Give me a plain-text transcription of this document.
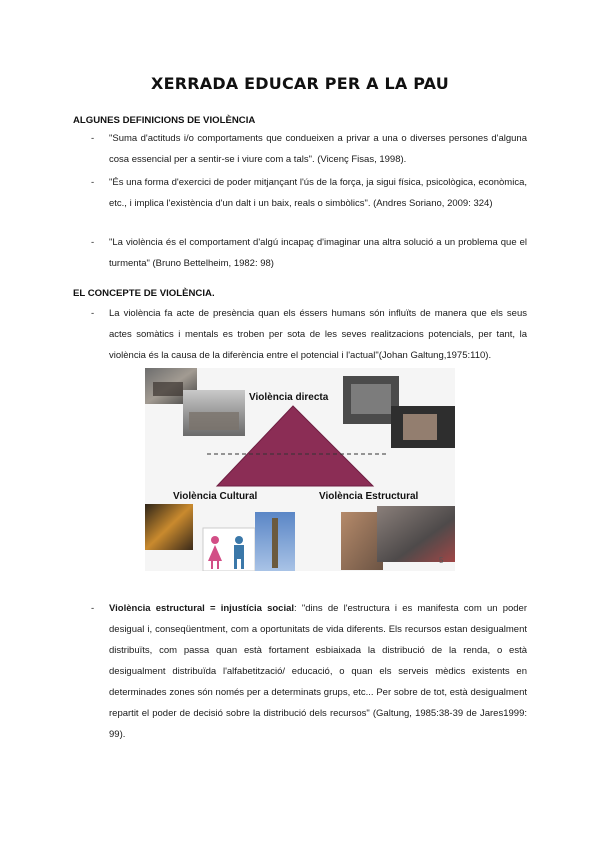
XERRADA EDUCAR PER A LA PAU
ALGUNES DEFINICIONS DE VIOLÈNCIA
- "Suma d'actituds i/o comportaments que condueixen a privar a una o diverses persones d'alguna cosa essencial per a sentir-se i viure com a tals". (Vicenç Fisas, 1998).
- "És una forma d'exercici de poder mitjançant l'ús de la força, ja sigui física, psicològica, econòmica, etc., i implica l'existència d'un dalt i un baix, reals o simbòlics". (Andres Soriano, 2009: 324)
- "La violència és el comportament d'algú incapaç d'imaginar una altra solució a un problema que el turmenta" (Bruno Bettelheim, 1982: 98)
EL CONCEPTE DE VIOLÈNCIA.
- La violència fa acte de presència quan els éssers humans són influïts de manera que els seus actes somàtics i mentals es troben per sota de les seves realitzacions potencials, per tant, la violència és la causa de la diferència entre el potencial i l'actual"(Johan Galtung,1975:110).
Violència directa
Violència Cultural	Violència Estructural
5
- Violència estructural = injustícia social: "dins de l'estructura i es manifesta com un poder desigual i, conseqüentment, com a oportunitats de vida diferents. Els recursos estan desigualment distribuïts, com passa quan està fortament esbiaixada la distribució de la renda, o està desigualment distribuïda l'alfabetització/ educació, o quan els serveis mèdics existents en determinades zones són només per a determinats grups, etc... Per sobre de tot, està desigualment repartit el poder de decisió sobre la distribució dels recursos" (Galtung, 1985:38-39 de Jares1999: 99).
